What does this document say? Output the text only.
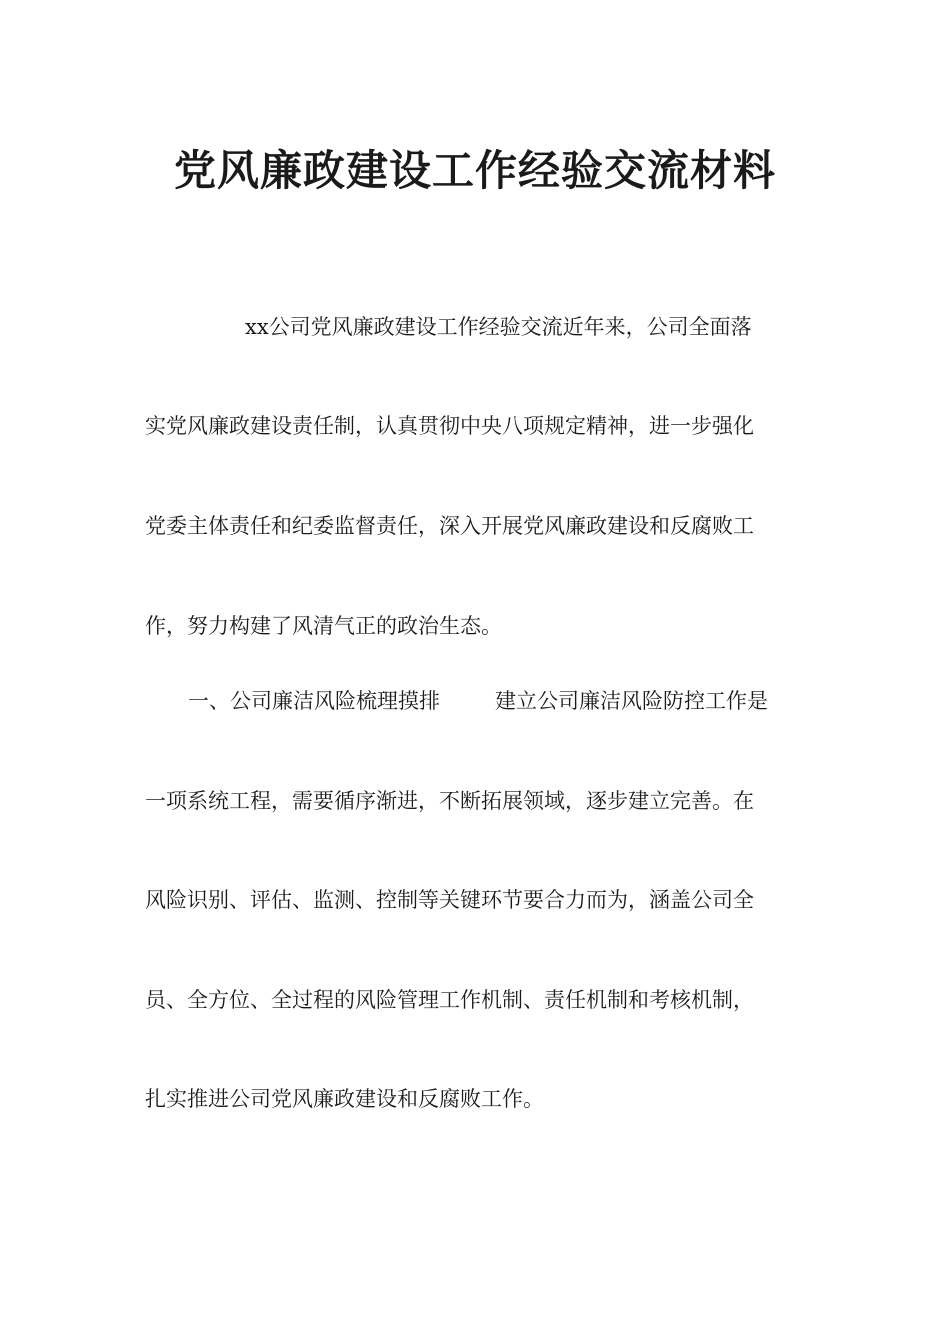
党风廉政建设工作经验交流材料

xx公司党风廉政建设工作经验交流近年来，公司全面落

实党风廉政建设责任制，认真贯彻中央八项规定精神，进一步强化

党委主体责任和纪委监督责任，深入开展党风廉政建设和反腐败工

作，努力构建了风清气正的政治生态。

一、公司廉洁风险梳理摸排	建立公司廉洁风险防控工作是

一项系统工程，需要循序渐进，不断拓展领域，逐步建立完善。在

风险识别、评估、监测、控制等关键环节要合力而为，涵盖公司全

员、全方位、全过程的风险管理工作机制、责任机制和考核机制，

扎实推进公司党风廉政建设和反腐败工作。
